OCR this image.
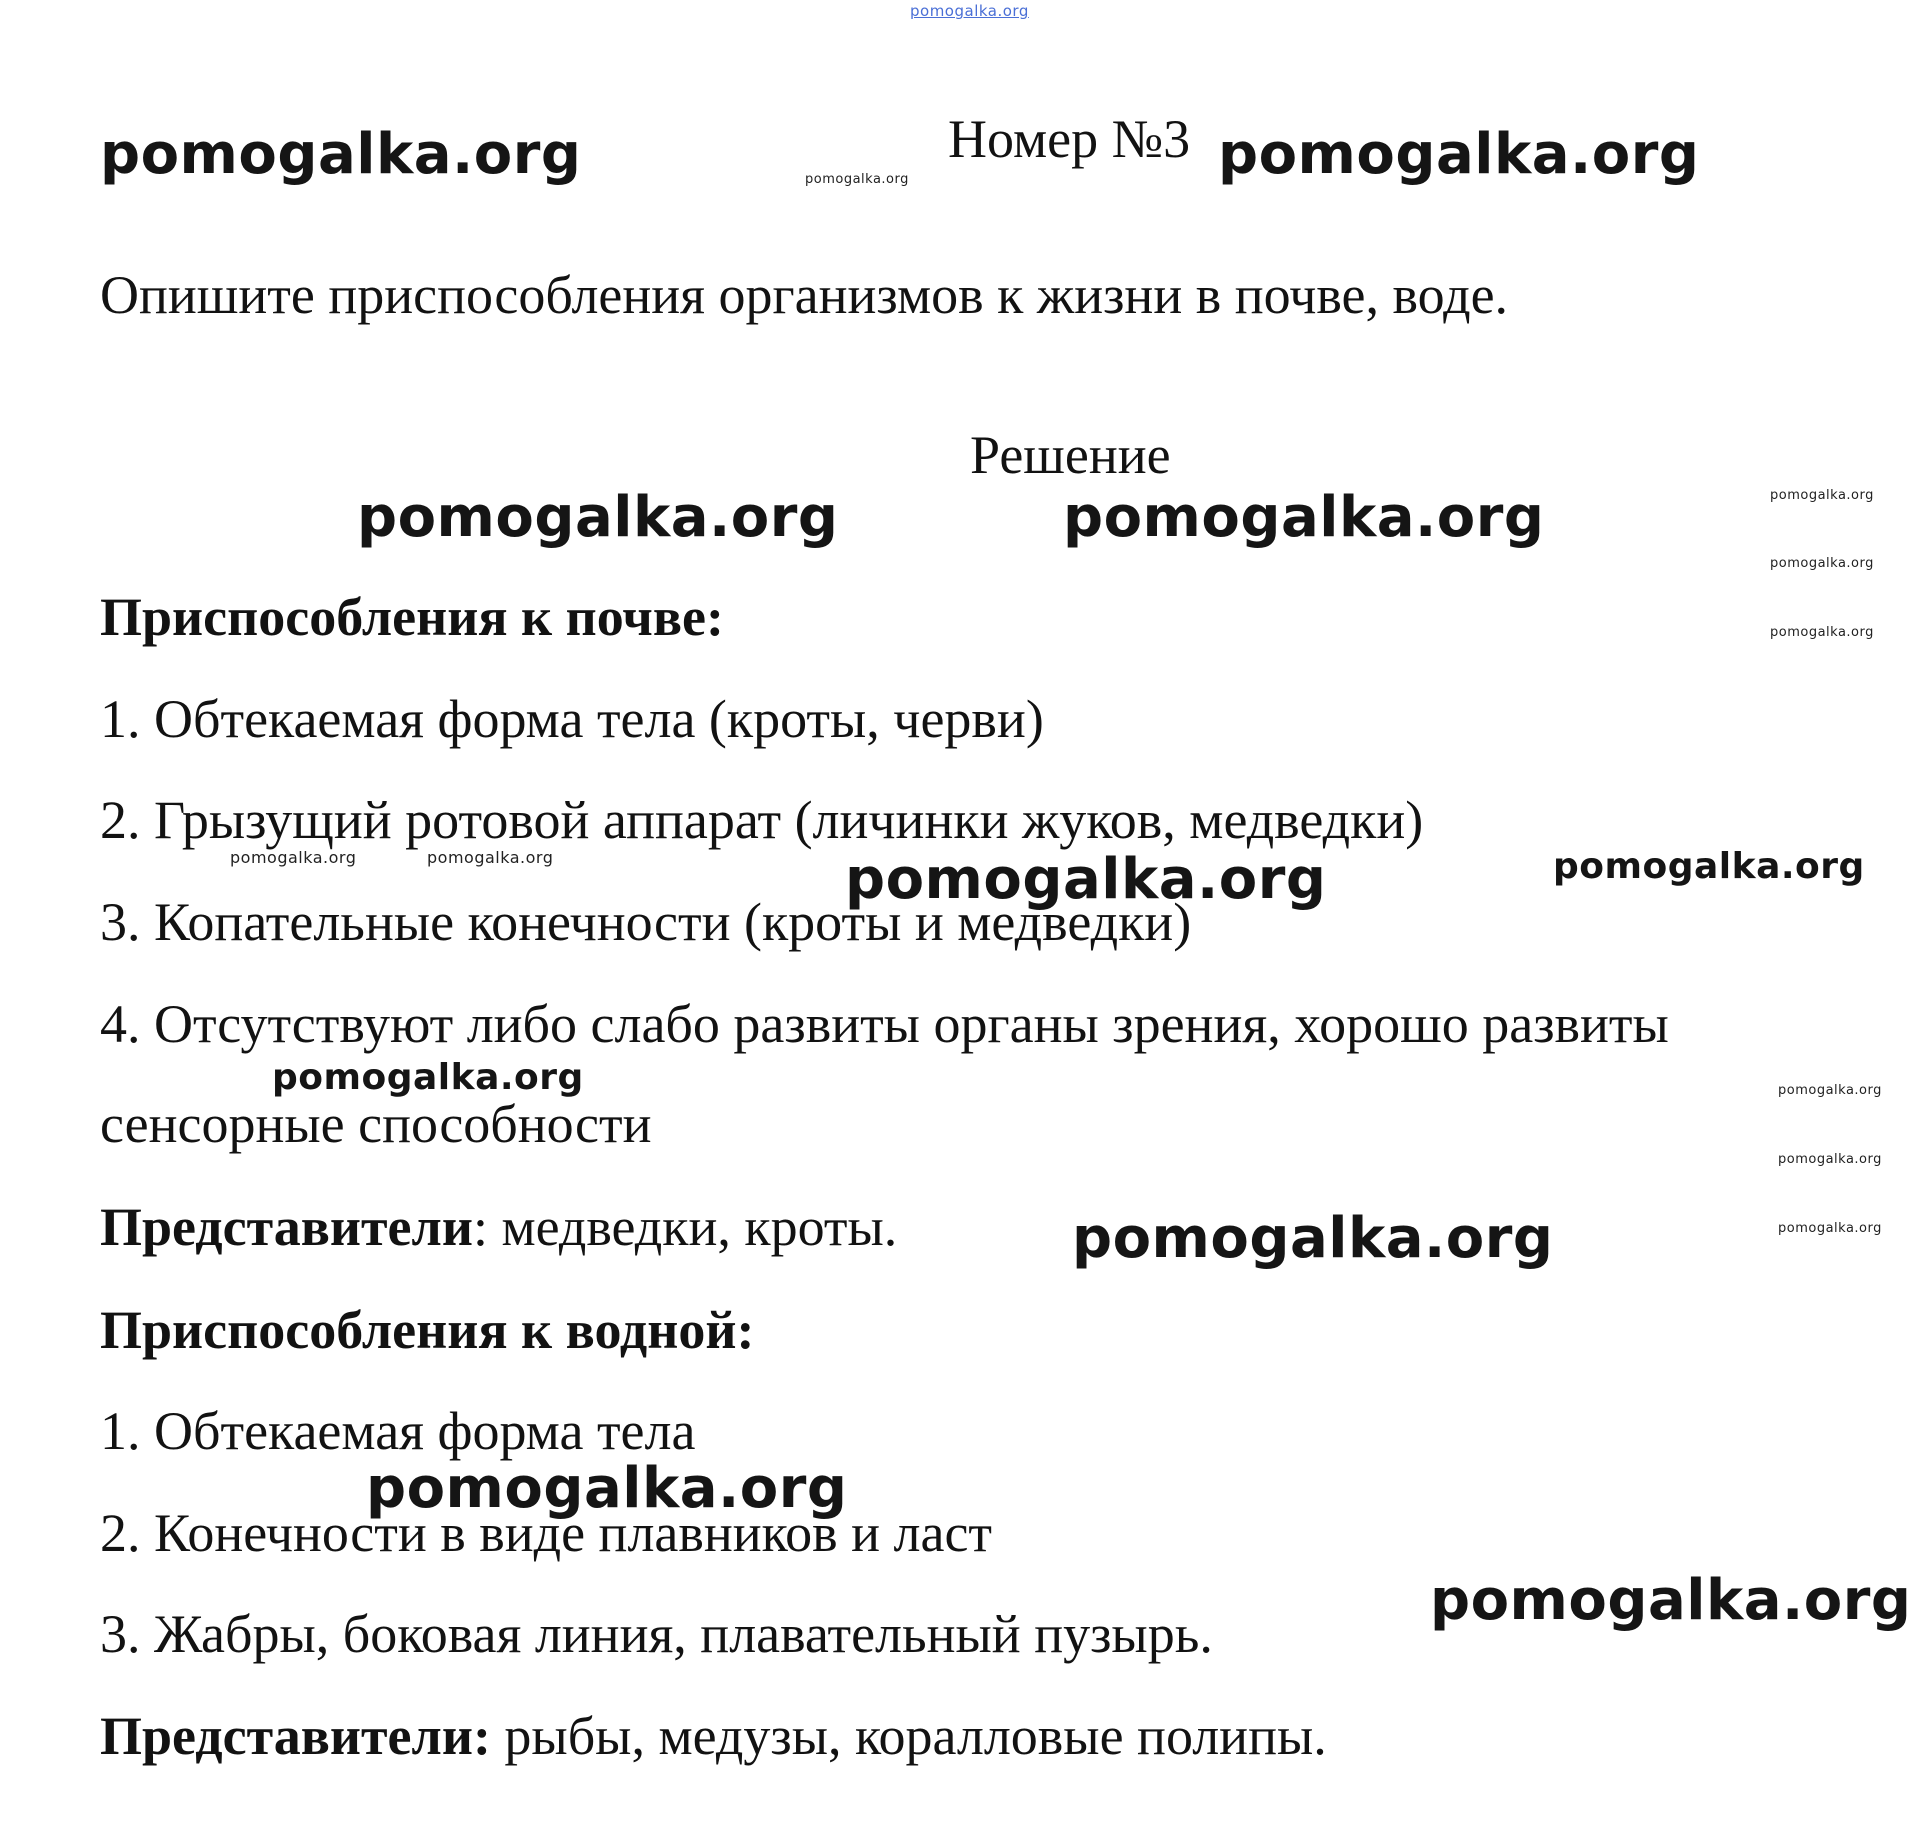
pomogalka.org
pomogalka.org	pomogalka.org	pomogalka.org
pomogalka.org	pomogalka.org	pomogalka.org
pomogalka.org
pomogalka.org
pomogalka.org	pomogalka.org	pomogalka.org	pomogalka.org
pomogalka.org	pomogalka.org
pomogalka.org
pomogalka.org
pomogalka.org
pomogalka.org
pomogalka.org
Номер №3
Опишите приспособления организмов к жизни в почве, воде.
Решение
Приспособления к почве:
1. Обтекаемая форма тела (кроты, черви)
2. Грызущий ротовой аппарат (личинки жуков, медведки)
3. Копательные конечности (кроты и медведки)
4. Отсутствуют либо слабо развиты органы зрения, хорошо развиты
сенсорные способности
Представители: медведки, кроты.
Приспособления к водной:
1. Обтекаемая форма тела
2. Конечности в виде плавников и ласт
3. Жабры, боковая линия, плавательный пузырь.
Представители: рыбы, медузы, коралловые полипы.
